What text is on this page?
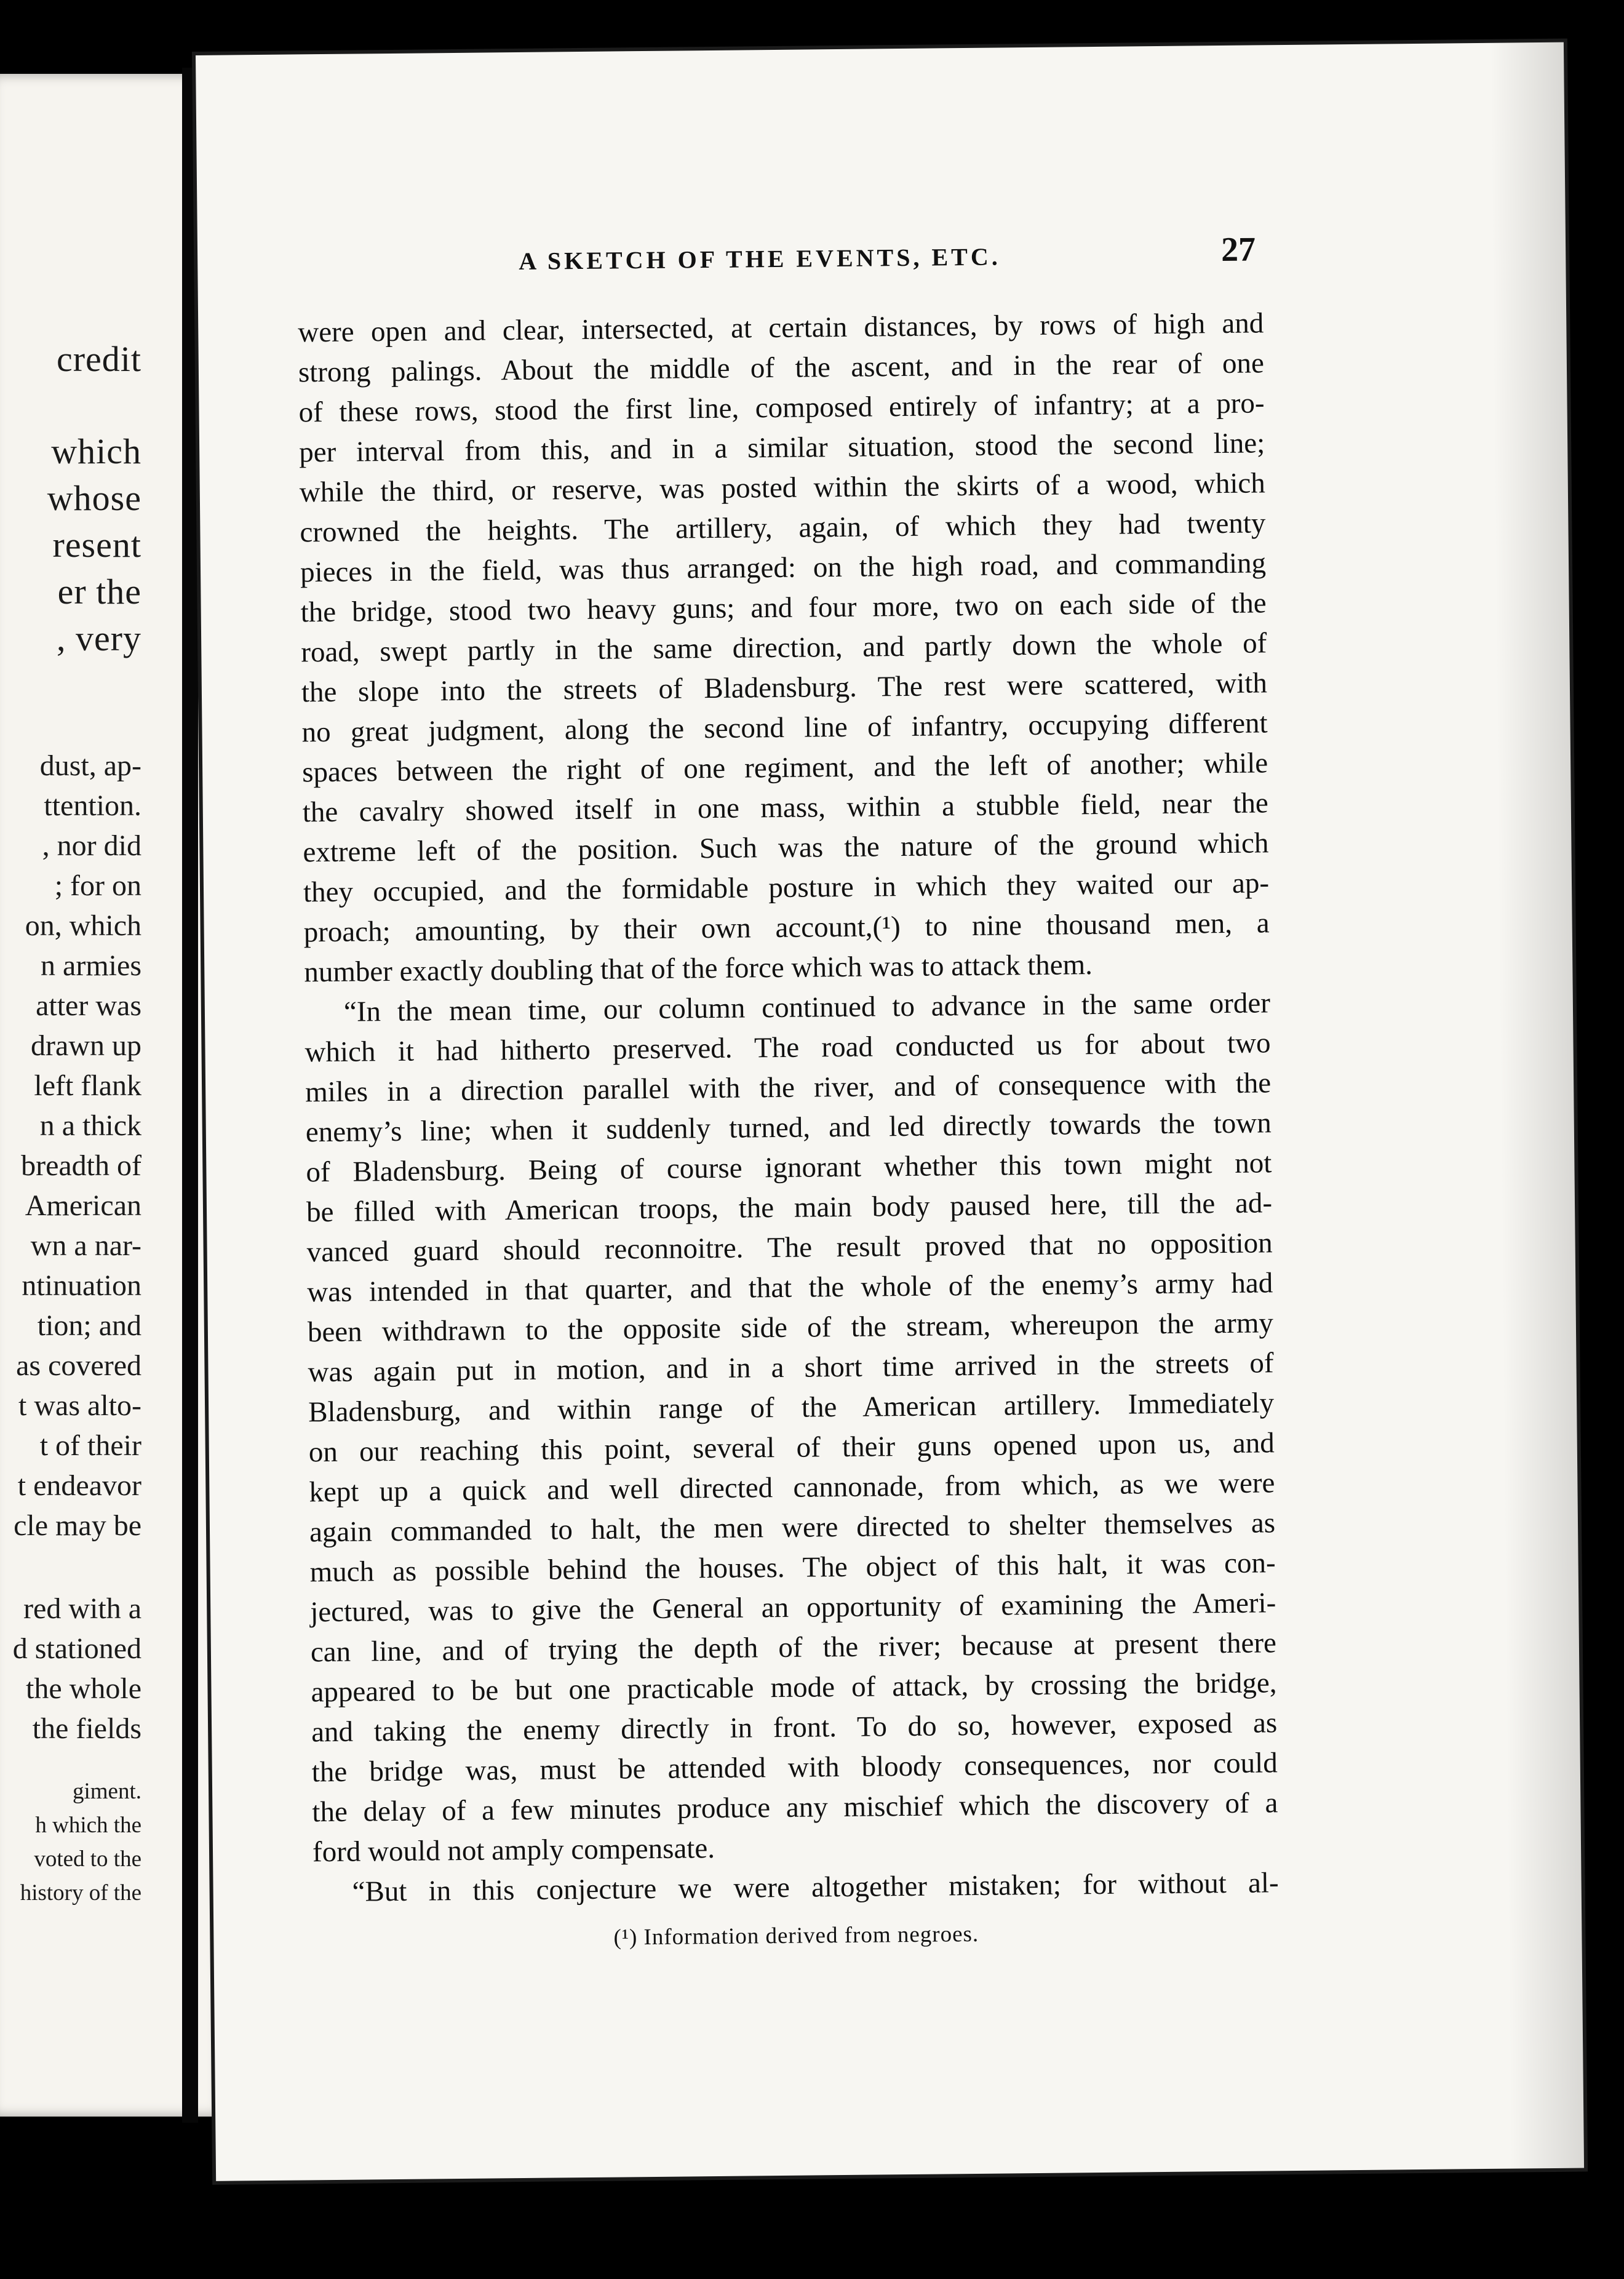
credit
which
whose
resent
er the
, very
dust, ap-
ttention.
, nor did
; for on
on, which
n armies
atter was
drawn up
left flank
n a thick
breadth of
American
wn a nar-
ntinuation
tion; and
as covered
t was alto-
t of their
t endeavor
cle may be
red with a
d stationed
the whole
the fields
giment.
h which the
voted to the
history of the
A SKETCH OF THE EVENTS, ETC.	27
were open and clear, intersected, at certain distances, by rows of high and
strong palings. About the middle of the ascent, and in the rear of one
of these rows, stood the first line, composed entirely of infantry; at a pro-
per interval from this, and in a similar situation, stood the second line;
while the third, or reserve, was posted within the skirts of a wood, which
crowned the heights. The artillery, again, of which they had twenty
pieces in the field, was thus arranged: on the high road, and commanding
the bridge, stood two heavy guns; and four more, two on each side of the
road, swept partly in the same direction, and partly down the whole of
the slope into the streets of Bladensburg. The rest were scattered, with
no great judgment, along the second line of infantry, occupying different
spaces between the right of one regiment, and the left of another; while
the cavalry showed itself in one mass, within a stubble field, near the
extreme left of the position. Such was the nature of the ground which
they occupied, and the formidable posture in which they waited our ap-
proach; amounting, by their own account,(¹) to nine thousand men, a
number exactly doubling that of the force which was to attack them.
“In the mean time, our column continued to advance in the same order
which it had hitherto preserved. The road conducted us for about two
miles in a direction parallel with the river, and of consequence with the
enemy’s line; when it suddenly turned, and led directly towards the town
of Bladensburg. Being of course ignorant whether this town might not
be filled with American troops, the main body paused here, till the ad-
vanced guard should reconnoitre. The result proved that no opposition
was intended in that quarter, and that the whole of the enemy’s army had
been withdrawn to the opposite side of the stream, whereupon the army
was again put in motion, and in a short time arrived in the streets of
Bladensburg, and within range of the American artillery. Immediately
on our reaching this point, several of their guns opened upon us, and
kept up a quick and well directed cannonade, from which, as we were
again commanded to halt, the men were directed to shelter themselves as
much as possible behind the houses. The object of this halt, it was con-
jectured, was to give the General an opportunity of examining the Ameri-
can line, and of trying the depth of the river; because at present there
appeared to be but one practicable mode of attack, by crossing the bridge,
and taking the enemy directly in front. To do so, however, exposed as
the bridge was, must be attended with bloody consequences, nor could
the delay of a few minutes produce any mischief which the discovery of a
ford would not amply compensate.
“But in this conjecture we were altogether mistaken; for without al-
(¹) Information derived from negroes.
